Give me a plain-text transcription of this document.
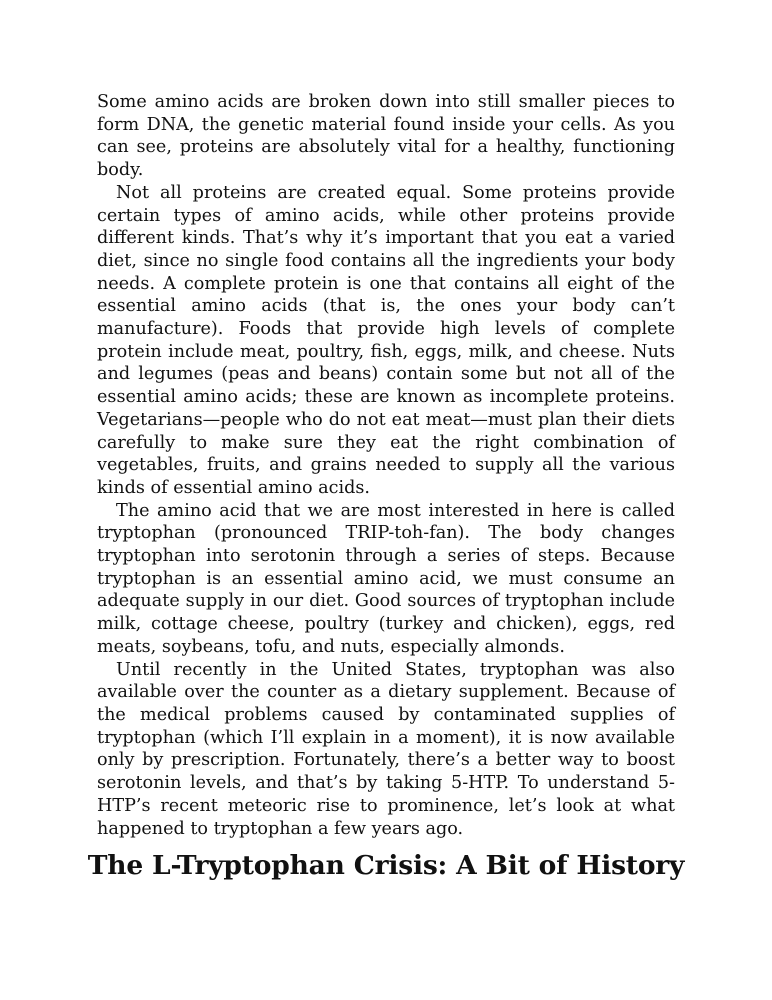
Some amino acids are broken down into still smaller pieces to form DNA, the genetic material found inside your cells. As you can see, proteins are absolutely vital for a healthy, functioning body.

Not all proteins are created equal. Some proteins provide certain types of amino acids, while other proteins provide different kinds. That’s why it’s important that you eat a varied diet, since no single food contains all the ingredients your body needs. A complete protein is one that contains all eight of the essential amino acids (that is, the ones your body can’t manufacture). Foods that provide high levels of complete protein include meat, poultry, fish, eggs, milk, and cheese. Nuts and legumes (peas and beans) contain some but not all of the essential amino acids; these are known as incomplete proteins. Vegetarians—people who do not eat meat—must plan their diets carefully to make sure they eat the right combination of vegetables, fruits, and grains needed to supply all the various kinds of essential amino acids.

The amino acid that we are most interested in here is called tryptophan (pronounced TRIP-toh-fan). The body changes tryptophan into serotonin through a series of steps. Because tryptophan is an essential amino acid, we must consume an adequate supply in our diet. Good sources of tryptophan include milk, cottage cheese, poultry (turkey and chicken), eggs, red meats, soybeans, tofu, and nuts, especially almonds.

Until recently in the United States, tryptophan was also available over the counter as a dietary supplement. Because of the medical problems caused by contaminated supplies of tryptophan (which I’ll explain in a moment), it is now available only by prescription. Fortunately, there’s a better way to boost serotonin levels, and that’s by taking 5-HTP. To understand 5-HTP’s recent meteoric rise to prominence, let’s look at what happened to tryptophan a few years ago.

The L-Tryptophan Crisis: A Bit of History
